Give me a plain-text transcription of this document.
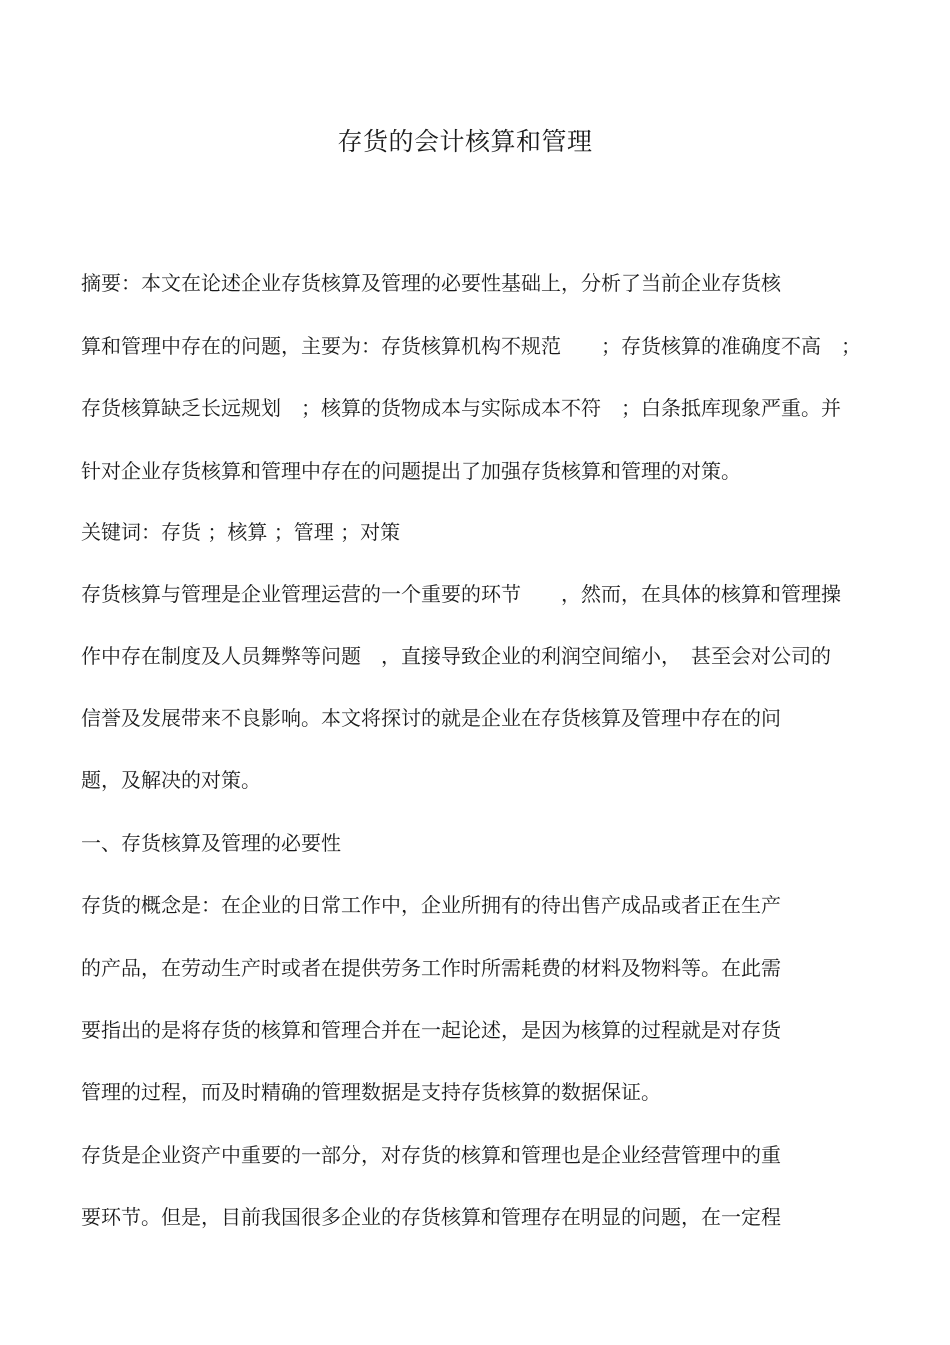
存货的会计核算和管理
摘要：本文在论述企业存货核算及管理的必要性基础上，分析了当前企业存货核
算和管理中存在的问题，主要为：存货核算机构不规范　　；存货核算的准确度不高　；
存货核算缺乏长远规划　；核算的货物成本与实际成本不符　；白条抵库现象严重。并
针对企业存货核算和管理中存在的问题提出了加强存货核算和管理的对策。
关键词：存货 ；核算 ；管理 ；对策
存货核算与管理是企业管理运营的一个重要的环节　　，然而，在具体的核算和管理操
作中存在制度及人员舞弊等问题　，直接导致企业的利润空间缩小，　甚至会对公司的
信誉及发展带来不良影响。本文将探讨的就是企业在存货核算及管理中存在的问
题，及解决的对策。
一、存货核算及管理的必要性
存货的概念是：在企业的日常工作中，企业所拥有的待出售产成品或者正在生产
的产品，在劳动生产时或者在提供劳务工作时所需耗费的材料及物料等。在此需
要指出的是将存货的核算和管理合并在一起论述，是因为核算的过程就是对存货
管理的过程，而及时精确的管理数据是支持存货核算的数据保证。
存货是企业资产中重要的一部分，对存货的核算和管理也是企业经营管理中的重
要环节。但是，目前我国很多企业的存货核算和管理存在明显的问题，在一定程
